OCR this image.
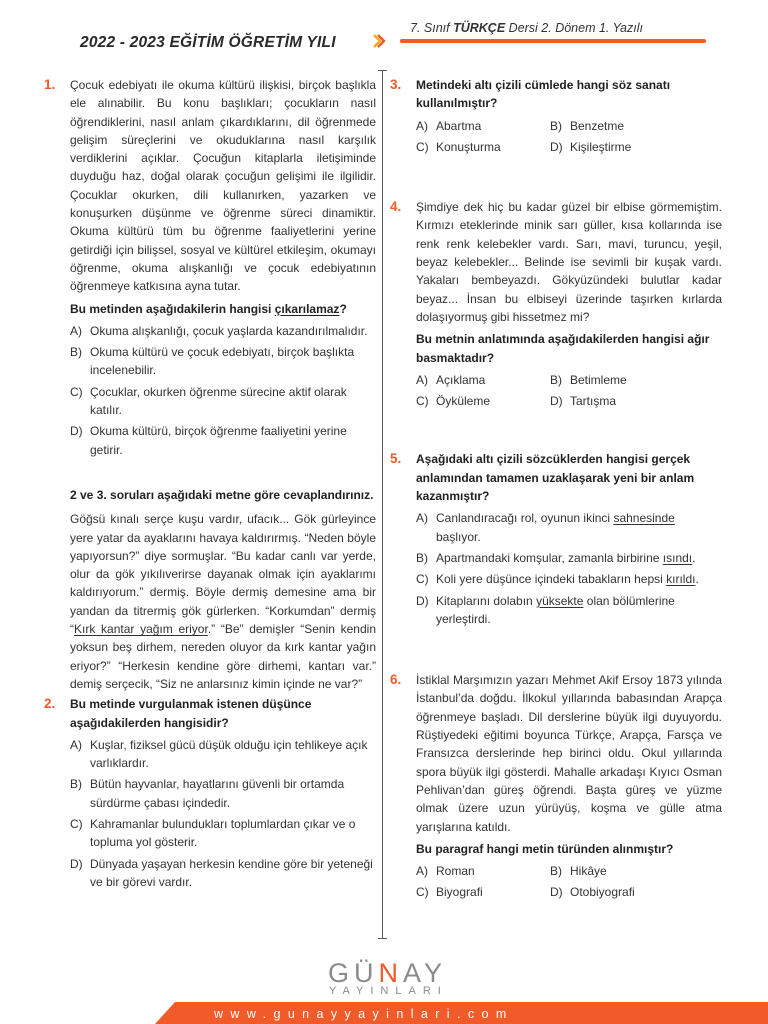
2022 - 2023 EĞİTİM ÖĞRETİM YILI
7. Sınıf TÜRKÇE Dersi 2. Dönem 1. Yazılı
1. Çocuk edebiyatı ile okuma kültürü ilişkisi, birçok başlıkla ele alınabilir. Bu konu başlıkları; çocukların nasıl öğrendiklerini, nasıl anlam çıkardıklarını, dil öğrenmede gelişim süreçlerini ve okuduklarına nasıl karşılık verdiklerini açıklar. Çocuğun kitaplarla iletişiminde duyduğu haz, doğal olarak çocuğun gelişimi ile ilgilidir. Çocuklar okurken, dili kullanırken, yazarken ve konuşurken düşünme ve öğrenme süreci dinamiktir. Okuma kültürü tüm bu öğrenme faaliyetlerini yerine getirdiği için bilişsel, sosyal ve kültürel etkileşim, okumayı öğrenme, okuma alışkanlığı ve çocuk edebiyatının öğrenmeye katkısına ayna tutar.

Bu metinden aşağıdakilerin hangisi çıkarılamaz?

A) Okuma alışkanlığı, çocuk yaşlarda kazandırılmalıdır.
B) Okuma kültürü ve çocuk edebiyatı, birçok başlıkta incelenebilir.
C) Çocuklar, okurken öğrenme sürecine aktif olarak katılır.
D) Okuma kültürü, birçok öğrenme faaliyetini yerine getirir.

2 ve 3. soruları aşağıdaki metne göre cevaplandırınız.

Göğsü kınalı serçe kuşu vardır, ufacık... Gök gürleyince yere yatar da ayaklarını havaya kaldırırmış. “Neden böyle yapıyorsun?” diye sormuşlar. “Bu kadar canlı var yerde, olur da gök yıkılıverirse dayanak olmak için ayaklarımı kaldırıyorum.” dermiş. Böyle dermiş demesine ama bir yandan da titrermiş gök gürlerken. “Korkumdan” dermiş “Kırk kantar yağım eriyor.” “Be” demişler “Senin kendin yoksun beş dirhem, nereden oluyor da kırk kantar yağın eriyor?” “Herkesin kendine göre dirhemi, kantarı var.” demiş serçecik, “Siz ne anlarsınız kimin içinde ne var?”

2. Bu metinde vurgulanmak istenen düşünce aşağıdakilerden hangisidir?

A) Kuşlar, fiziksel gücü düşük olduğu için tehlikeye açık varlıklardır.
B) Bütün hayvanlar, hayatlarını güvenli bir ortamda sürdürme çabası içindedir.
C) Kahramanlar bulundukları toplumlardan çıkar ve o topluma yol gösterir.
D) Dünyada yaşayan herkesin kendine göre bir yeteneği ve bir görevi vardır.
3. Metindeki altı çizili cümlede hangi söz sanatı kullanılmıştır?

A) Abartma	B) Benzetme
C) Konuşturma	D) Kişileştirme
4. Şimdiye dek hiç bu kadar güzel bir elbise görmemiştim. Kırmızı eteklerinde minik sarı güller, kısa kollarında ise renk renk kelebekler vardı. Sarı, mavi, turuncu, yeşil, beyaz kelebekler... Belinde ise sevimli bir kuşak vardı. Yakaları bembeyazdı. Gökyüzündeki bulutlar kadar beyaz... İnsan bu elbiseyi üzerinde taşırken kırlarda dolaşıyormuş gibi hissetmez mi?

Bu metnin anlatımında aşağıdakilerden hangisi ağır basmaktadır?

A) Açıklama	B) Betimleme
C) Öyküleme	D) Tartışma
5. Aşağıdaki altı çizili sözcüklerden hangisi gerçek anlamından tamamen uzaklaşarak yeni bir anlam kazanmıştır?

A) Canlandıracağı rol, oyunun ikinci sahnesinde başlıyor.
B) Apartmandaki komşular, zamanla birbirine ısındı.
C) Koli yere düşünce içindeki tabakların hepsi kırıldı.
D) Kitaplarını dolabın yüksekte olan bölümlerine yerleştirdi.
6. İstiklal Marşımızın yazarı Mehmet Akif Ersoy 1873 yılında İstanbul’da doğdu. İlkokul yıllarında babasından Arapça öğrenmeye başladı. Dil derslerine büyük ilgi duyuyordu. Rüştiyedeki eğitimi boyunca Türkçe, Arapça, Farsça ve Fransızca derslerinde hep birinci oldu. Okul yıllarında spora büyük ilgi gösterdi. Mahalle arkadaşı Kıyıcı Osman Pehlivan’dan güreş öğrendi. Başta güreş ve yüzme olmak üzere uzun yürüyüş, koşma ve gülle atma yarışlarına katıldı.

Bu paragraf hangi metin türünden alınmıştır?

A) Roman	B) Hikâye
C) Biyografi	D) Otobiyografi
GÜNAY
YAYINLARI
www.gunayyayinlari.com
